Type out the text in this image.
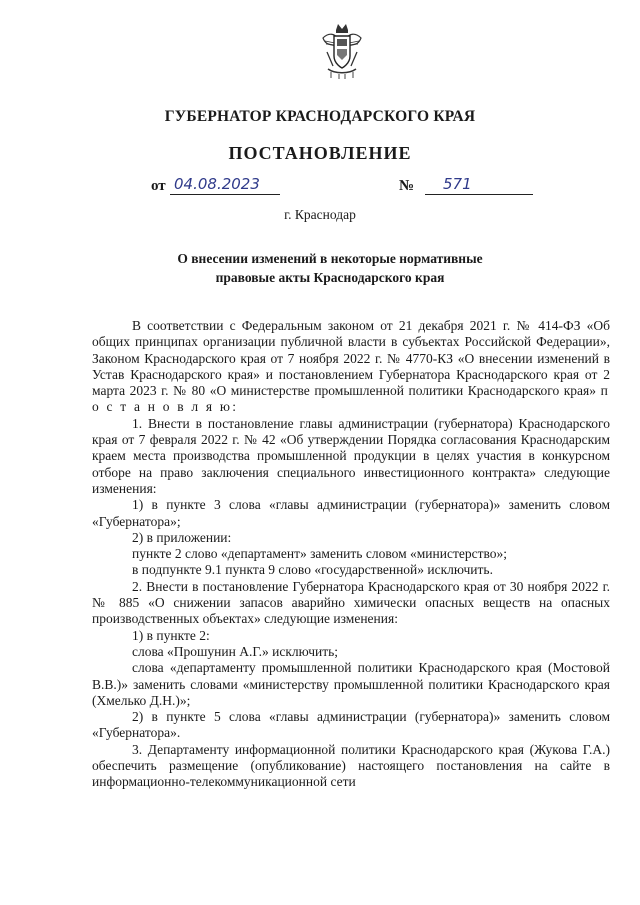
ГУБЕРНАТОР КРАСНОДАРСКОГО КРАЯ
ПОСТАНОВЛЕНИЕ
от 04.08.2023	№ 571
г. Краснодар
О внесении изменений в некоторые нормативные
правовые акты Краснодарского края

В соответствии с Федеральным законом от 21 декабря 2021 г. № 414-ФЗ «Об общих принципах организации публичной власти в субъектах Российской Федерации», Законом Краснодарского края от 7 ноября 2022 г. № 4770-КЗ «О внесении изменений в Устав Краснодарского края» и постановлением Губернатора Краснодарского края от 2 марта 2023 г. № 80 «О министерстве промышленной политики Краснодарского края» п о с т а н о в л я ю:

1. Внести в постановление главы администрации (губернатора) Краснодарского края от 7 февраля 2022 г. № 42 «Об утверждении Порядка согласования Краснодарским краем места производства промышленной продукции в целях участия в конкурсном отборе на право заключения специального инвестиционного контракта» следующие изменения:

1) в пункте 3 слова «главы администрации (губернатора)» заменить словом «Губернатора»;

2) в приложении:

пункте 2 слово «департамент» заменить словом «министерство»;

в подпункте 9.1 пункта 9 слово «государственной» исключить.

2. Внести в постановление Губернатора Краснодарского края от 30 ноября 2022 г. № 885 «О снижении запасов аварийно химически опасных веществ на опасных производственных объектах» следующие изменения:

1) в пункте 2:

слова «Прошунин А.Г.» исключить;

слова «департаменту промышленной политики Краснодарского края (Мостовой В.В.)» заменить словами «министерству промышленной политики Краснодарского края (Хмелько Д.Н.)»;

2) в пункте 5 слова «главы администрации (губернатора)» заменить словом «Губернатора».

3. Департаменту информационной политики Краснодарского края (Жукова Г.А.) обеспечить размещение (опубликование) настоящего постановления на сайте в информационно-телекоммуникационной сети
